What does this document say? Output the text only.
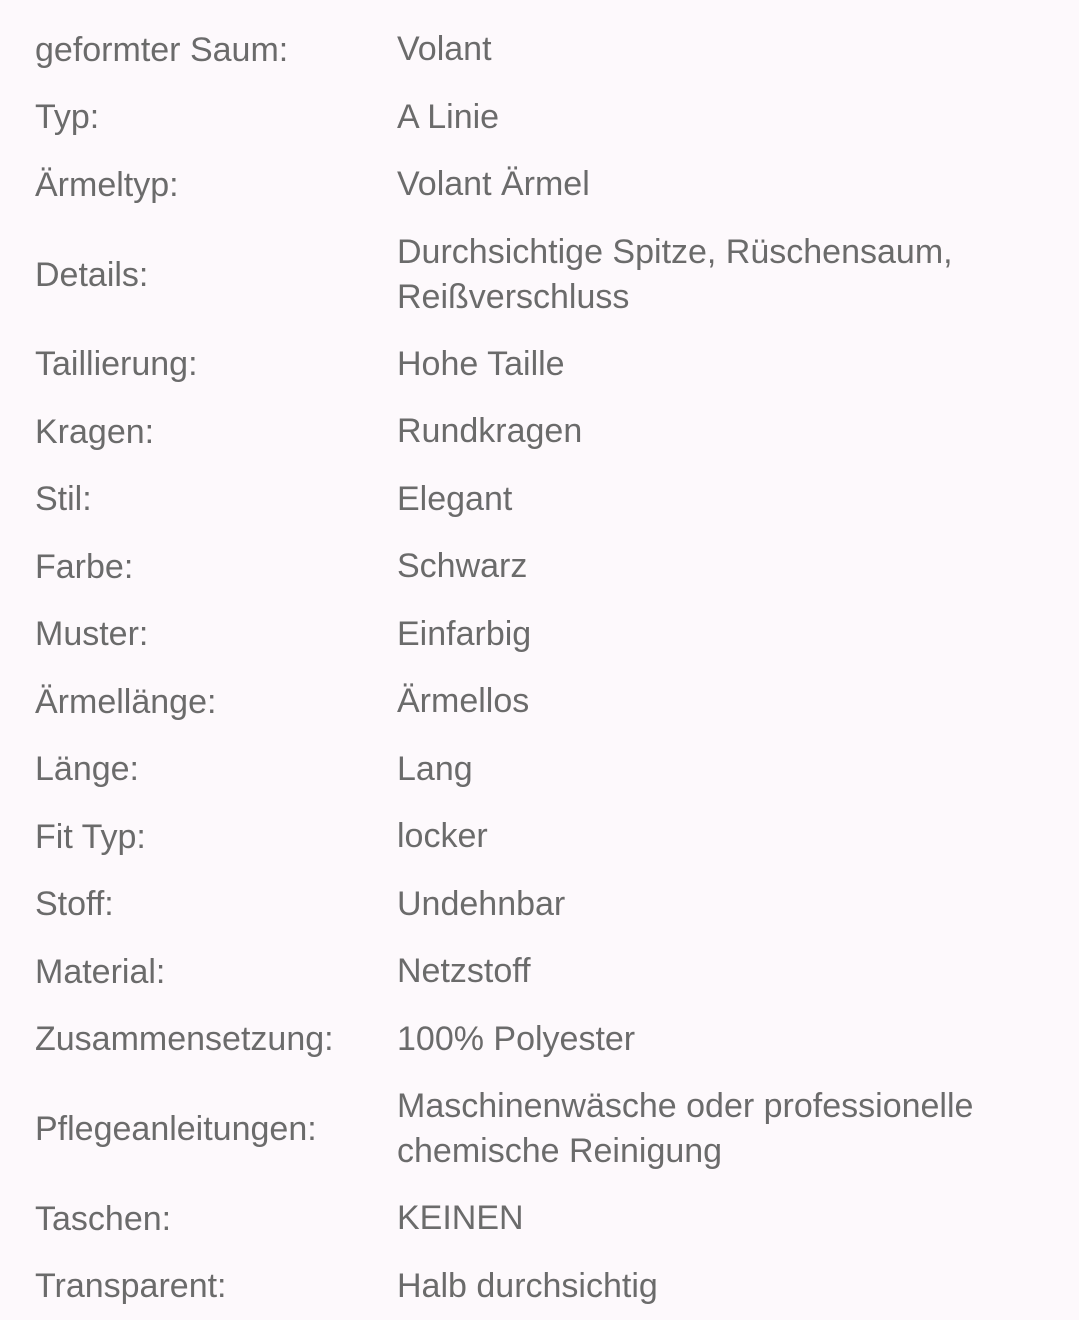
geformter Saum:	Volant
Typ:	A Linie
Ärmeltyp:	Volant Ärmel
Details:
Durchsichtige Spitze, Rüschensaum, Reißverschluss
Taillierung:	Hohe Taille
Kragen:	Rundkragen
Stil:	Elegant
Farbe:	Schwarz
Muster:	Einfarbig
Ärmellänge:	Ärmellos
Länge:	Lang
Fit Typ:	locker
Stoff:	Undehnbar
Material:	Netzstoff
Zusammensetzung:	100% Polyester
Pflegeanleitungen:
Maschinenwäsche oder professionelle chemische Reinigung
Taschen:	KEINEN
Transparent:	Halb durchsichtig
